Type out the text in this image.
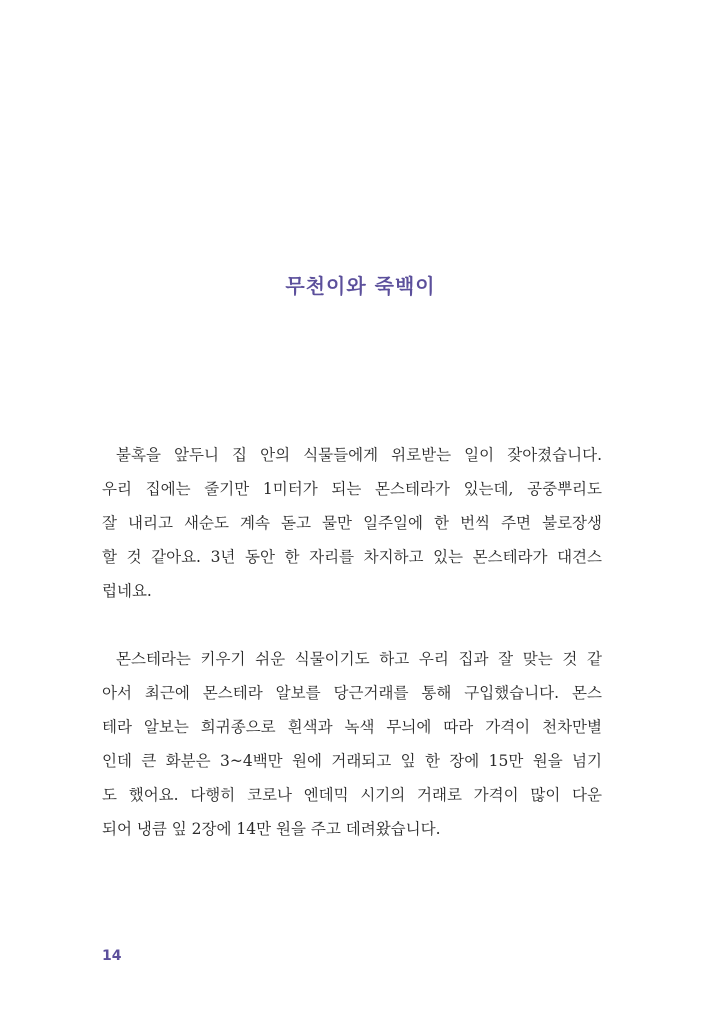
무천이와 죽백이

불혹을 앞두니 집 안의 식물들에게 위로받는 일이 잦아졌습니다.
우리 집에는 줄기만 1미터가 되는 몬스테라가 있는데, 공중뿌리도
잘 내리고 새순도 계속 돋고 물만 일주일에 한 번씩 주면 불로장생
할 것 같아요. 3년 동안 한 자리를 차지하고 있는 몬스테라가 대견스
럽네요.

몬스테라는 키우기 쉬운 식물이기도 하고 우리 집과 잘 맞는 것 같
아서 최근에 몬스테라 알보를 당근거래를 통해 구입했습니다. 몬스
테라 알보는 희귀종으로 흰색과 녹색 무늬에 따라 가격이 천차만별
인데 큰 화분은 3~4백만 원에 거래되고 잎 한 장에 15만 원을 넘기
도 했어요. 다행히 코로나 엔데믹 시기의 거래로 가격이 많이 다운
되어 냉큼 잎 2장에 14만 원을 주고 데려왔습니다.

14
